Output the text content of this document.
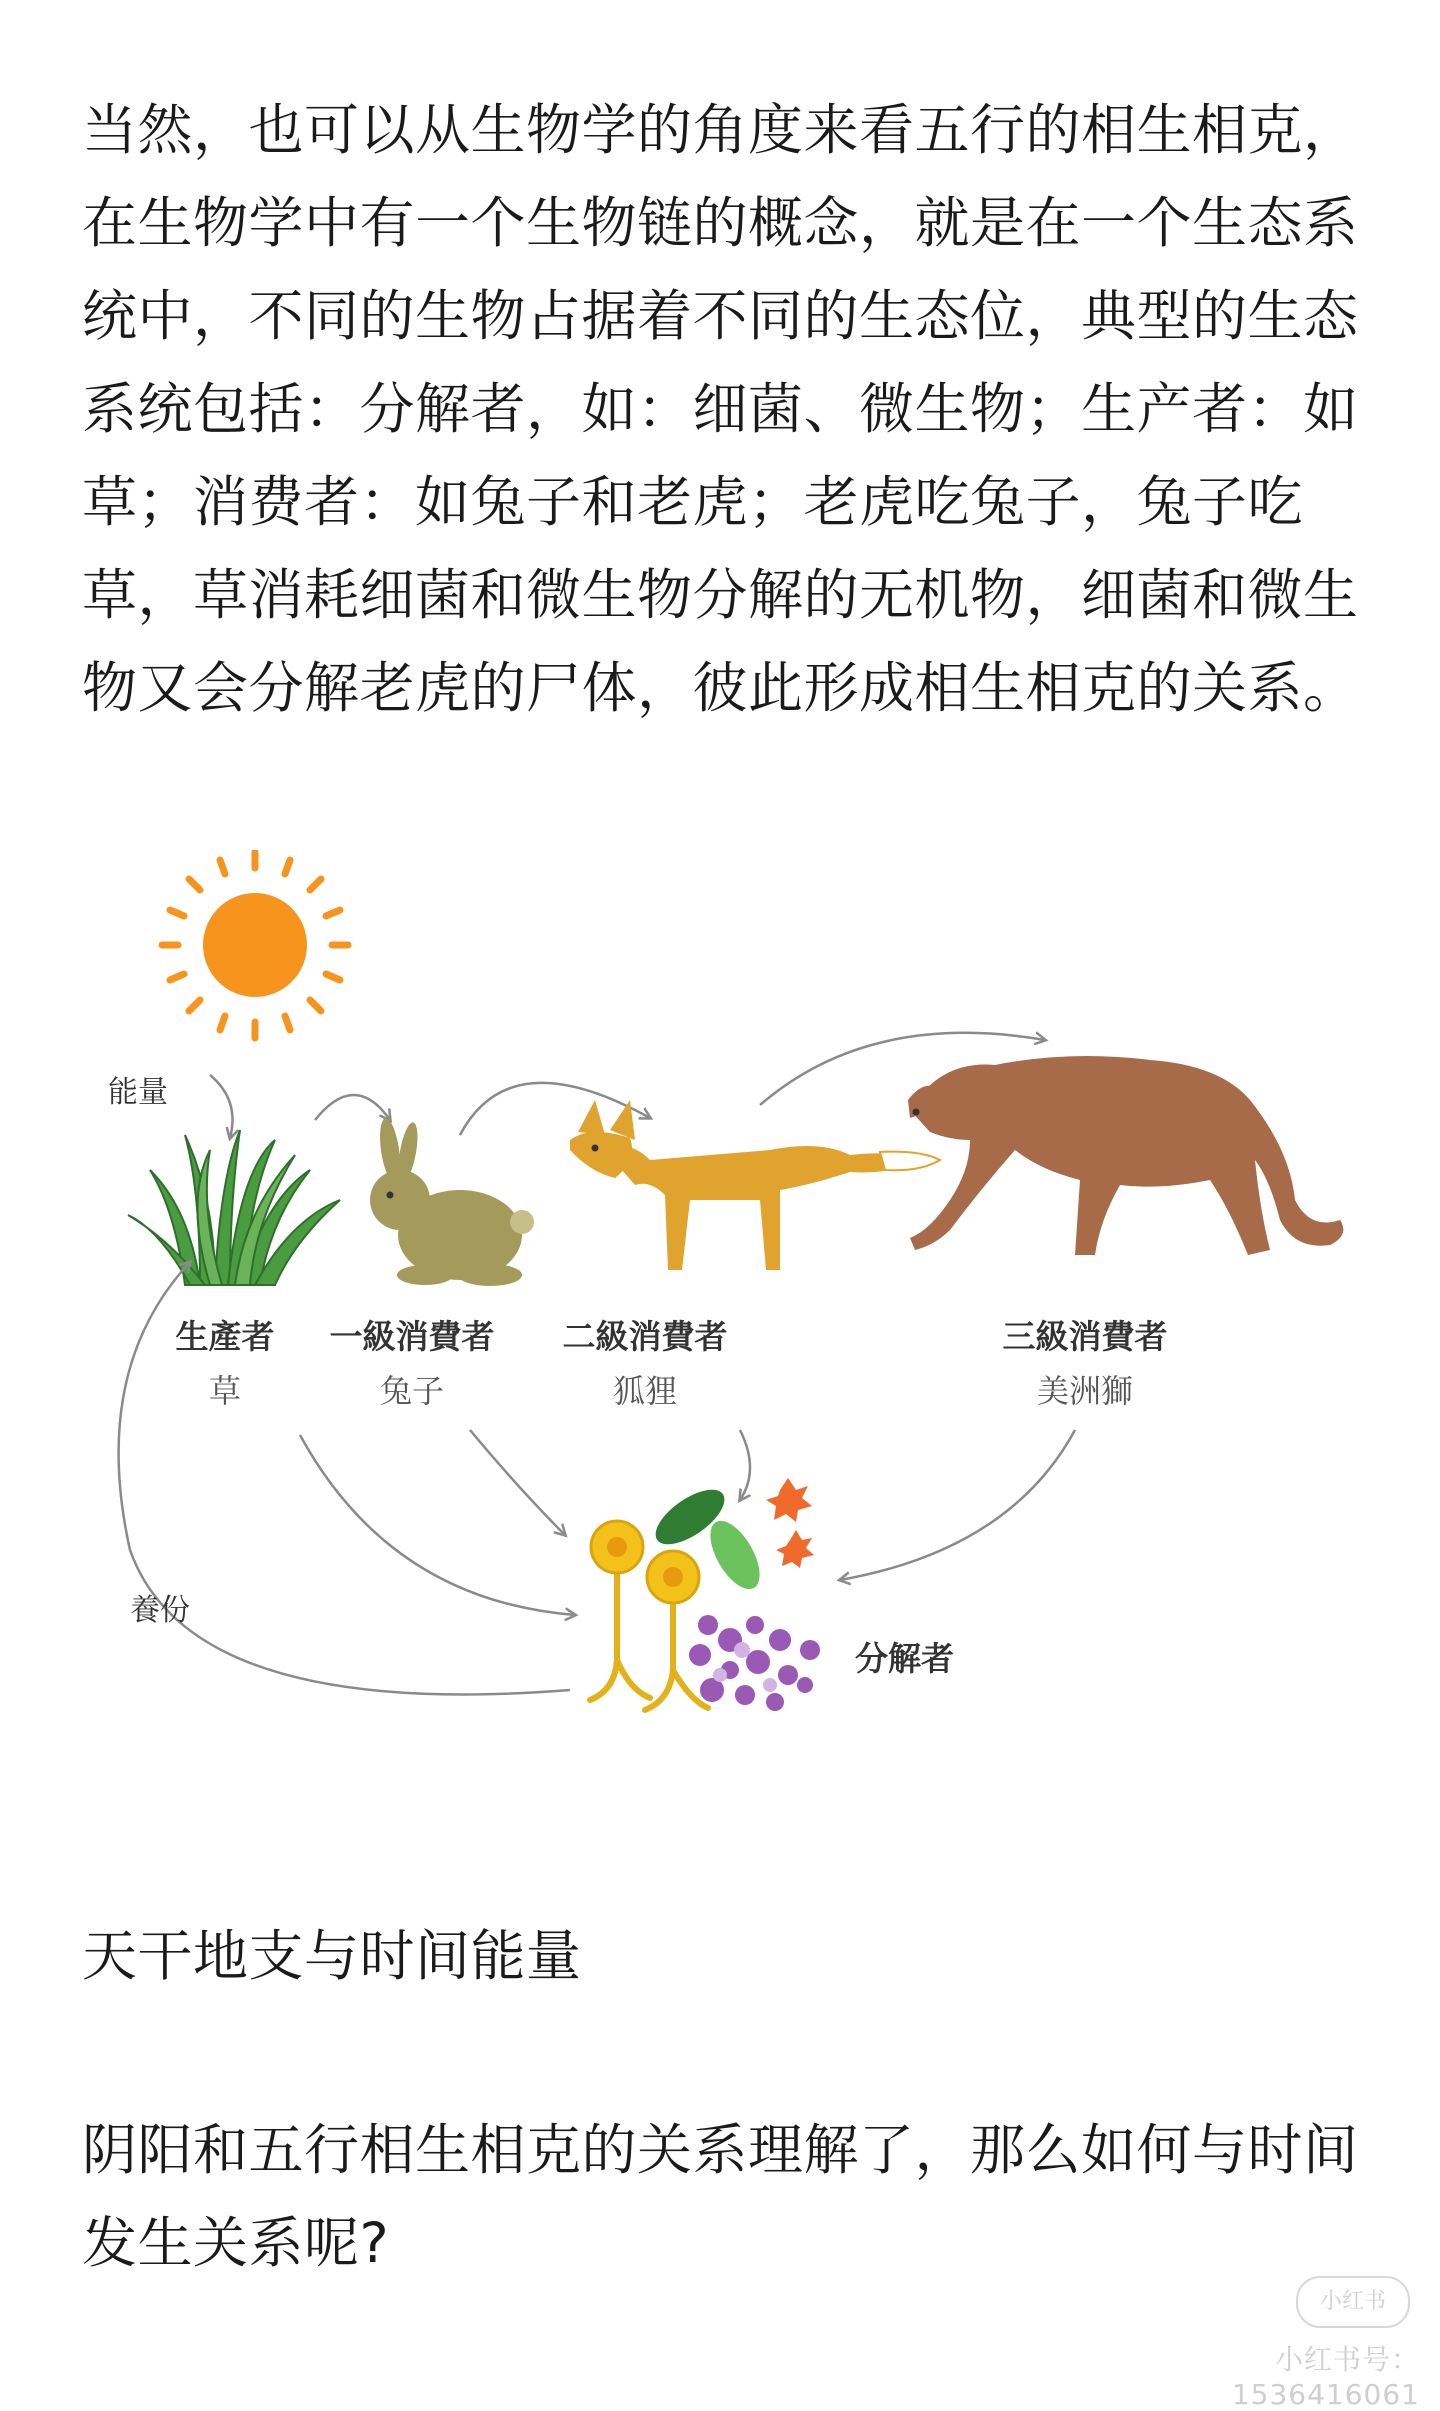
当然，也可以从生物学的角度来看五行的相生相克，在生物学中有一个生物链的概念，就是在一个生态系统中，不同的生物占据着不同的生态位，典型的生态系统包括：分解者，如：细菌、微生物；生产者：如草；消费者：如兔子和老虎；老虎吃兔子，兔子吃草，草消耗细菌和微生物分解的无机物，细菌和微生物又会分解老虎的尸体，彼此形成相生相克的关系。

能量
生產者
草
一級消費者
兔子
二級消費者
狐狸
三級消費者
美洲獅
養份
分解者

天干地支与时间能量

阴阳和五行相生相克的关系理解了，那么如何与时间发生关系呢?

小红书
小红书号：1536416061
